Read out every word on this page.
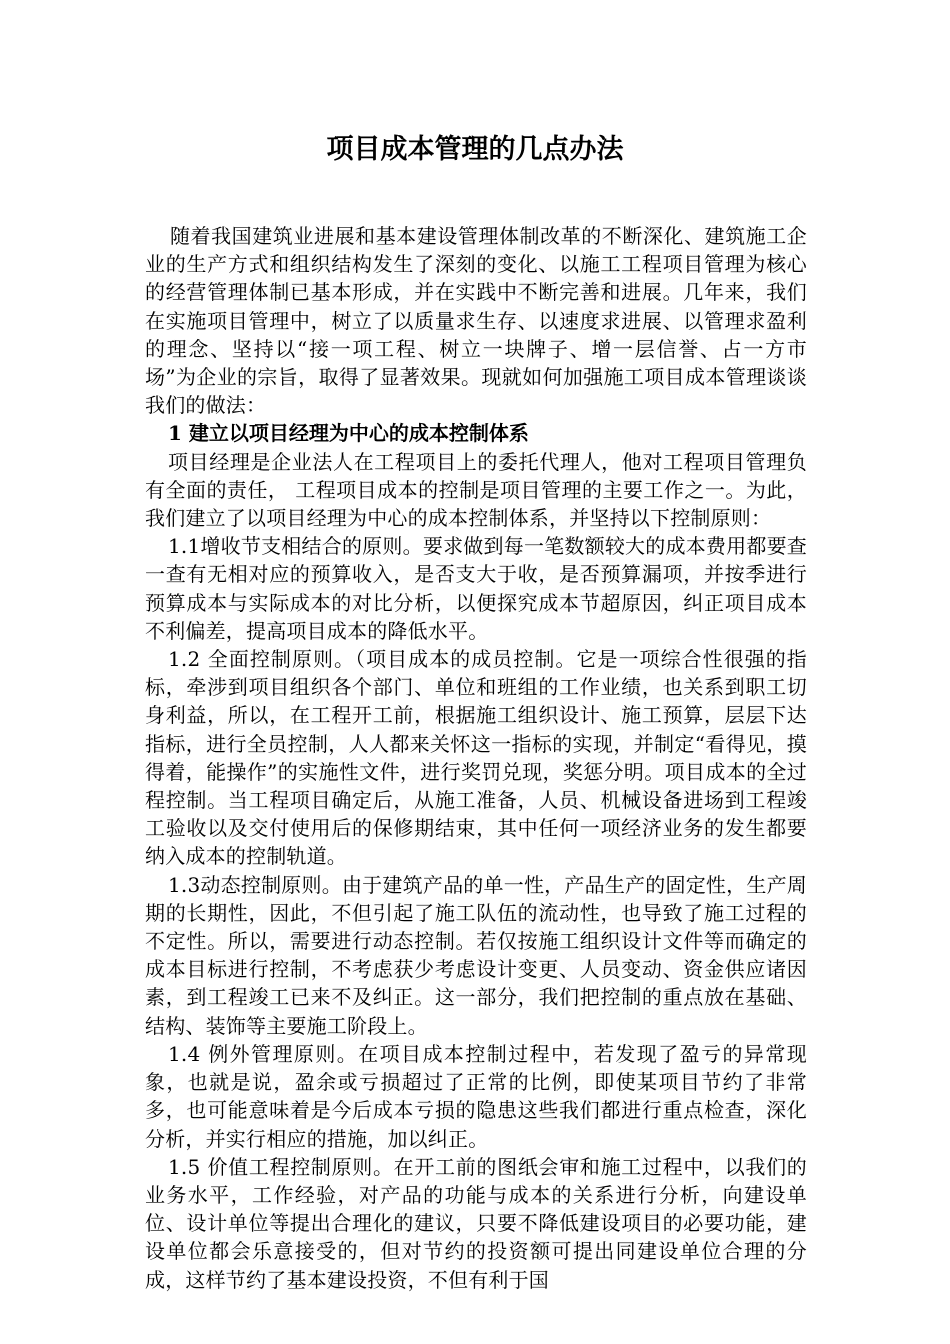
项目成本管理的几点办法

随着我国建筑业进展和基本建设管理体制改革的不断深化、建筑施工企业的生产方式和组织结构发生了深刻的变化、以施工工程项目管理为核心的经营管理体制已基本形成，并在实践中不断完善和进展。几年来，我们在实施项目管理中，树立了以质量求生存、以速度求进展、以管理求盈利的理念、坚持以“接一项工程、树立一块牌子、增一层信誉、占一方市场”为企业的宗旨，取得了显著效果。现就如何加强施工项目成本管理谈谈我们的做法：

1 建立以项目经理为中心的成本控制体系

项目经理是企业法人在工程项目上的委托代理人，他对工程项目管理负有全面的责任， 工程项目成本的控制是项目管理的主要工作之一。为此，我们建立了以项目经理为中心的成本控制体系，并坚持以下控制原则：

1.1增收节支相结合的原则。要求做到每一笔数额较大的成本费用都要查一查有无相对应的预算收入，是否支大于收，是否预算漏项，并按季进行预算成本与实际成本的对比分析，以便探究成本节超原因，纠正项目成本不利偏差，提高项目成本的降低水平。

1.2 全面控制原则。（项目成本的成员控制。它是一项综合性很强的指标，牵涉到项目组织各个部门、单位和班组的工作业绩，也关系到职工切身利益，所以，在工程开工前，根据施工组织设计、施工预算，层层下达指标，进行全员控制，人人都来关怀这一指标的实现，并制定“看得见，摸得着，能操作”的实施性文件，进行奖罚兑现，奖惩分明。项目成本的全过程控制。当工程项目确定后，从施工准备，人员、机械设备进场到工程竣工验收以及交付使用后的保修期结束，其中任何一项经济业务的发生都要纳入成本的控制轨道。

1.3动态控制原则。由于建筑产品的单一性，产品生产的固定性，生产周期的长期性，因此，不但引起了施工队伍的流动性，也导致了施工过程的不定性。所以，需要进行动态控制。若仅按施工组织设计文件等而确定的成本目标进行控制，不考虑获少考虑设计变更、人员变动、资金供应诸因素，到工程竣工已来不及纠正。这一部分，我们把控制的重点放在基础、结构、装饰等主要施工阶段上。

1.4 例外管理原则。在项目成本控制过程中，若发现了盈亏的异常现象，也就是说，盈余或亏损超过了正常的比例，即使某项目节约了非常多，也可能意味着是今后成本亏损的隐患这些我们都进行重点检查，深化分析，并实行相应的措施，加以纠正。

1.5 价值工程控制原则。在开工前的图纸会审和施工过程中，以我们的业务水平，工作经验，对产品的功能与成本的关系进行分析，向建设单位、设计单位等提出合理化的建议，只要不降低建设项目的必要功能，建设单位都会乐意接受的，但对节约的投资额可提出同建设单位合理的分成，这样节约了基本建设投资，不但有利于国
